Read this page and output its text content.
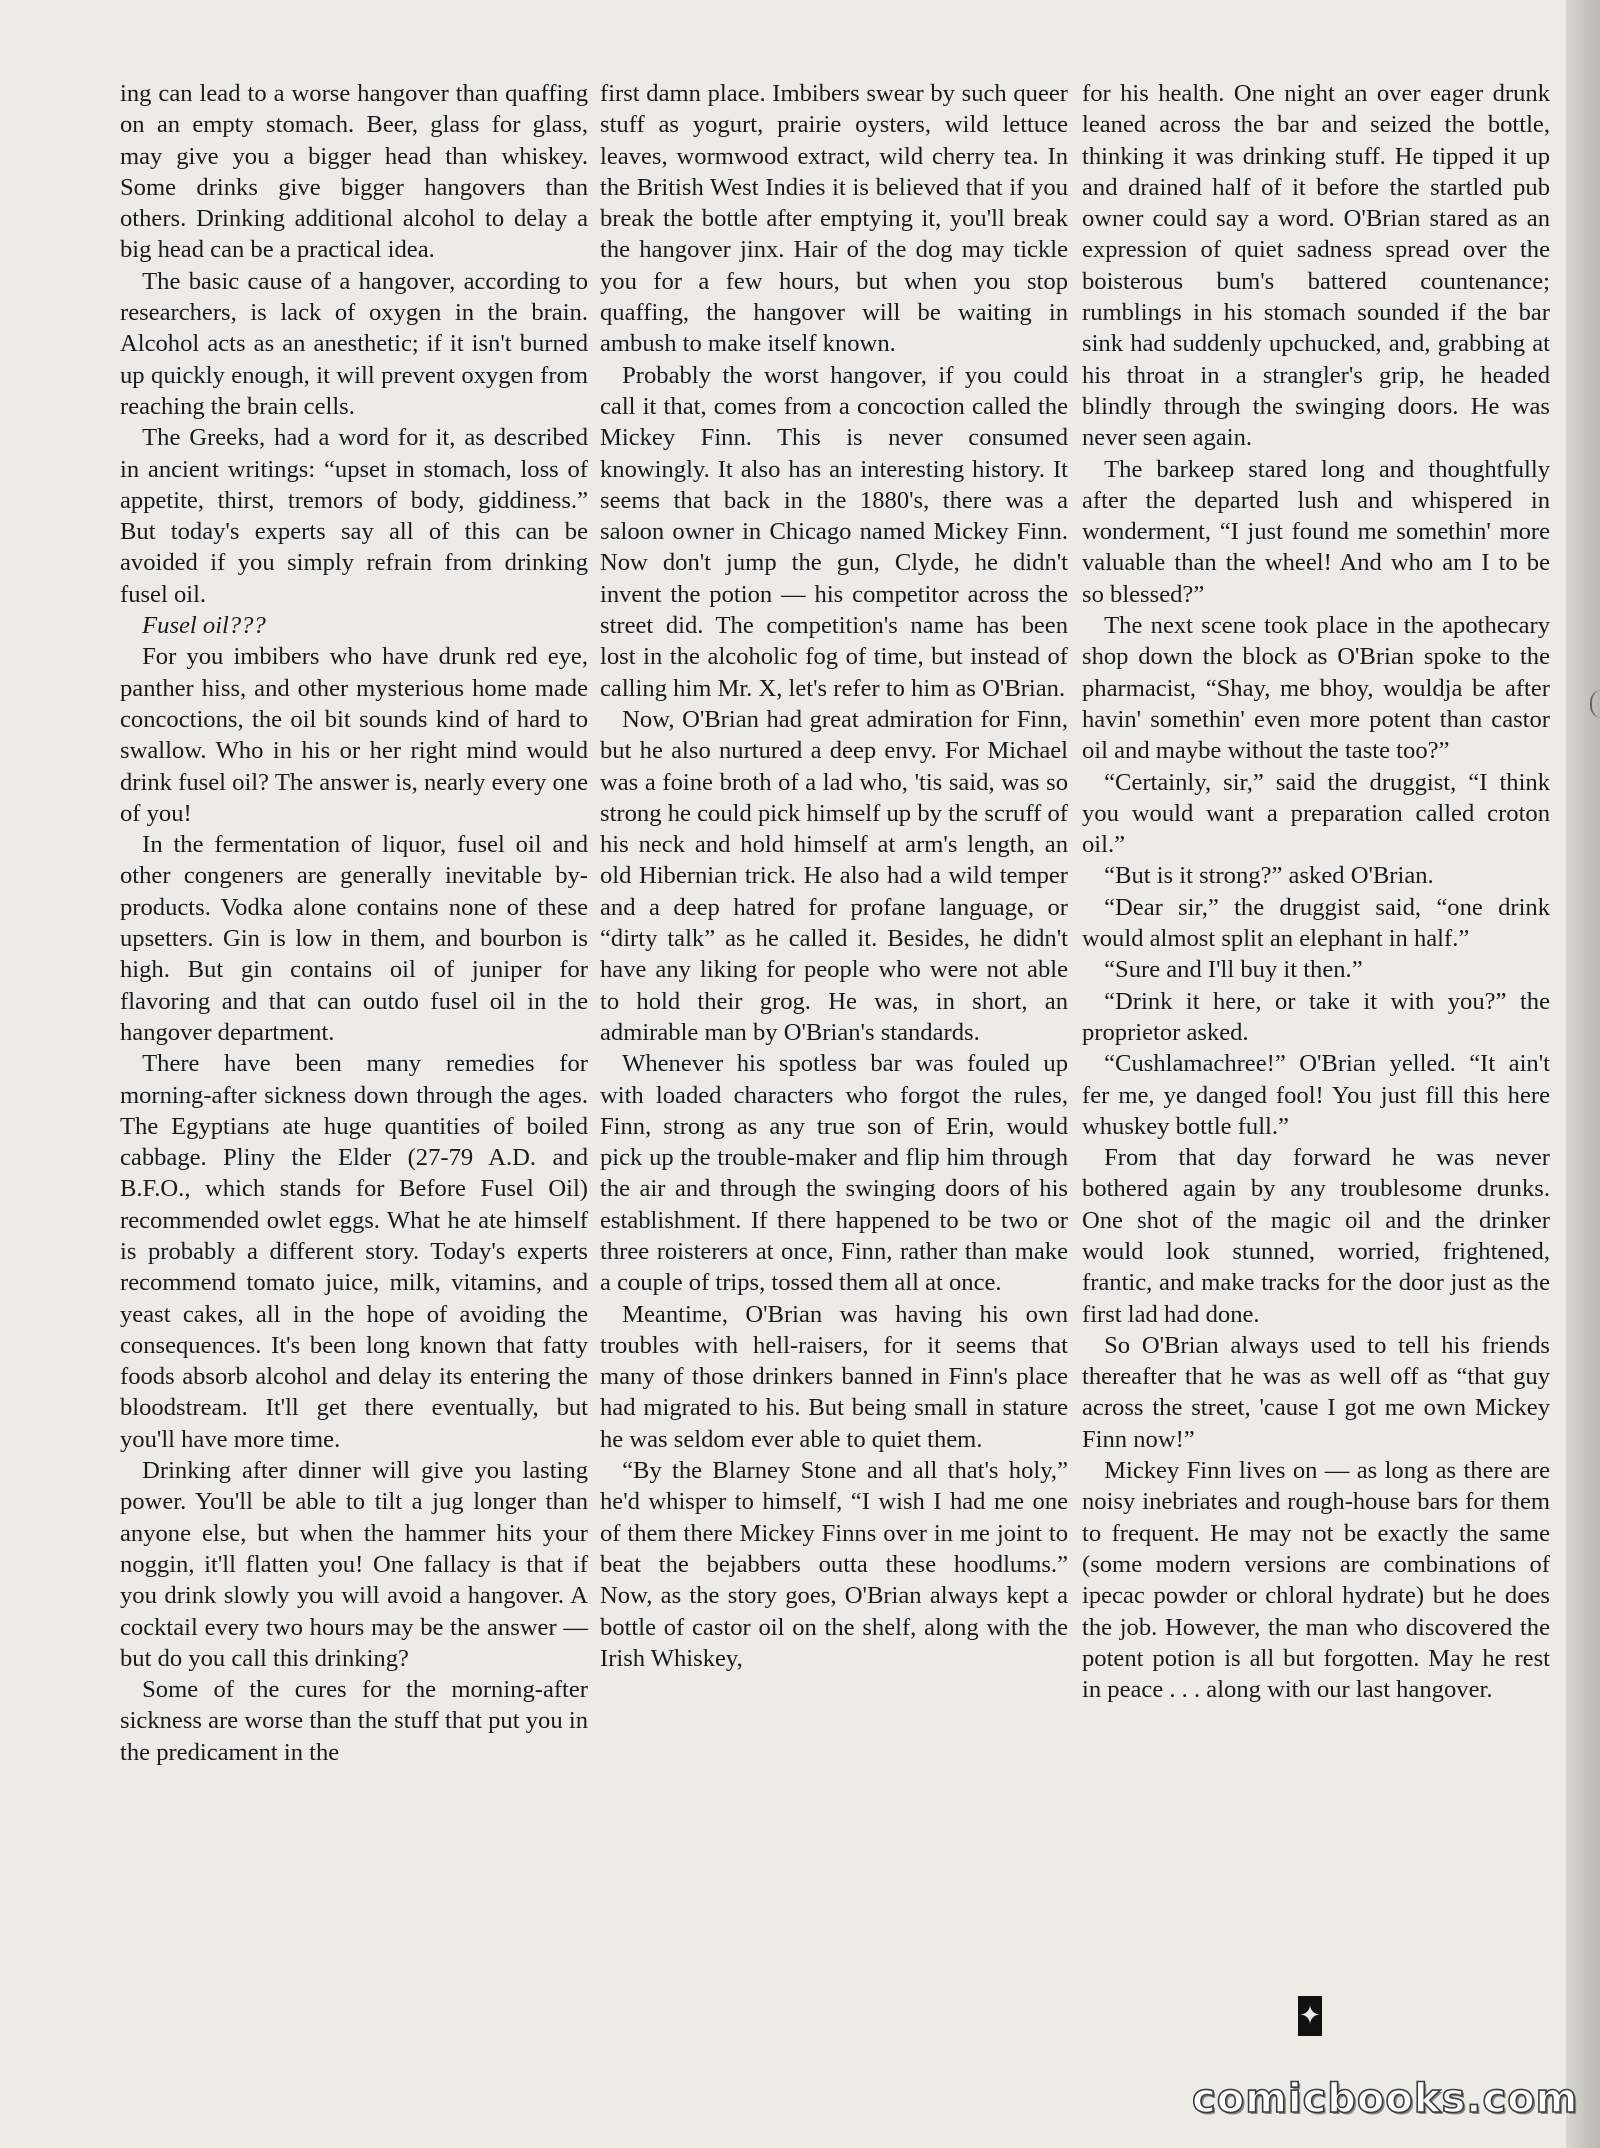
ing can lead to a worse hangover than quaffing on an empty stomach. Beer, glass for glass, may give you a bigger head than whiskey. Some drinks give bigger hangovers than others. Drinking additional alcohol to delay a big head can be a practical idea.

The basic cause of a hangover, according to researchers, is lack of oxygen in the brain. Alcohol acts as an anesthetic; if it isn't burned up quickly enough, it will prevent oxygen from reaching the brain cells.

The Greeks, had a word for it, as described in ancient writings: “upset in stomach, loss of appetite, thirst, tremors of body, giddiness.” But today's experts say all of this can be avoided if you simply refrain from drinking fusel oil.

Fusel oil???

For you imbibers who have drunk red eye, panther hiss, and other mysterious home made concoctions, the oil bit sounds kind of hard to swallow. Who in his or her right mind would drink fusel oil? The answer is, nearly every one of you!

In the fermentation of liquor, fusel oil and other congeners are generally inevitable by-products. Vodka alone contains none of these upsetters. Gin is low in them, and bourbon is high. But gin contains oil of juniper for flavoring and that can outdo fusel oil in the hangover department.

There have been many remedies for morning-after sickness down through the ages. The Egyptians ate huge quantities of boiled cabbage. Pliny the Elder (27-79 A.D. and B.F.O., which stands for Before Fusel Oil) recommended owlet eggs. What he ate himself is probably a different story. Today's experts recommend tomato juice, milk, vitamins, and yeast cakes, all in the hope of avoiding the consequences. It's been long known that fatty foods absorb alcohol and delay its entering the bloodstream. It'll get there eventually, but you'll have more time.

Drinking after dinner will give you lasting power. You'll be able to tilt a jug longer than anyone else, but when the hammer hits your noggin, it'll flatten you! One fallacy is that if you drink slowly you will avoid a hangover. A cocktail every two hours may be the answer — but do you call this drinking?

Some of the cures for the morning-after sickness are worse than the stuff that put you in the predicament in the

first damn place. Imbibers swear by such queer stuff as yogurt, prairie oysters, wild lettuce leaves, wormwood extract, wild cherry tea. In the British West Indies it is believed that if you break the bottle after emptying it, you'll break the hangover jinx. Hair of the dog may tickle you for a few hours, but when you stop quaffing, the hangover will be waiting in ambush to make itself known.

Probably the worst hangover, if you could call it that, comes from a concoction called the Mickey Finn. This is never consumed knowingly. It also has an interesting history. It seems that back in the 1880's, there was a saloon owner in Chicago named Mickey Finn. Now don't jump the gun, Clyde, he didn't invent the potion — his competitor across the street did. The competition's name has been lost in the alcoholic fog of time, but instead of calling him Mr. X, let's refer to him as O'Brian.

Now, O'Brian had great admiration for Finn, but he also nurtured a deep envy. For Michael was a foine broth of a lad who, 'tis said, was so strong he could pick himself up by the scruff of his neck and hold himself at arm's length, an old Hibernian trick. He also had a wild temper and a deep hatred for profane language, or “dirty talk” as he called it. Besides, he didn't have any liking for people who were not able to hold their grog. He was, in short, an admirable man by O'Brian's standards.

Whenever his spotless bar was fouled up with loaded characters who forgot the rules, Finn, strong as any true son of Erin, would pick up the trouble-maker and flip him through the air and through the swinging doors of his establishment. If there happened to be two or three roisterers at once, Finn, rather than make a couple of trips, tossed them all at once.

Meantime, O'Brian was having his own troubles with hell-raisers, for it seems that many of those drinkers banned in Finn's place had migrated to his. But being small in stature he was seldom ever able to quiet them.

“By the Blarney Stone and all that's holy,” he'd whisper to himself, “I wish I had me one of them there Mickey Finns over in me joint to beat the bejabbers outta these hoodlums.” Now, as the story goes, O'Brian always kept a bottle of castor oil on the shelf, along with the Irish Whiskey,

for his health. One night an over eager drunk leaned across the bar and seized the bottle, thinking it was drinking stuff. He tipped it up and drained half of it before the startled pub owner could say a word. O'Brian stared as an expression of quiet sadness spread over the boisterous bum's battered countenance; rumblings in his stomach sounded if the bar sink had suddenly upchucked, and, grabbing at his throat in a strangler's grip, he headed blindly through the swinging doors. He was never seen again.

The barkeep stared long and thoughtfully after the departed lush and whispered in wonderment, “I just found me somethin' more valuable than the wheel! And who am I to be so blessed?”

The next scene took place in the apothecary shop down the block as O'Brian spoke to the pharmacist, “Shay, me bhoy, wouldja be after havin' somethin' even more potent than castor oil and maybe without the taste too?”

“Certainly, sir,” said the druggist, “I think you would want a preparation called croton oil.”

“But is it strong?” asked O'Brian.

“Dear sir,” the druggist said, “one drink would almost split an elephant in half.”

“Sure and I'll buy it then.”

“Drink it here, or take it with you?” the proprietor asked.

“Cushlamachree!” O'Brian yelled. “It ain't fer me, ye danged fool! You just fill this here whuskey bottle full.”

From that day forward he was never bothered again by any troublesome drunks. One shot of the magic oil and the drinker would look stunned, worried, frightened, frantic, and make tracks for the door just as the first lad had done.

So O'Brian always used to tell his friends thereafter that he was as well off as “that guy across the street, 'cause I got me own Mickey Finn now!”

Mickey Finn lives on — as long as there are noisy inebriates and rough-house bars for them to frequent. He may not be exactly the same (some modern versions are combinations of ipecac powder or chloral hydrate) but he does the job. However, the man who discovered the potent potion is all but forgotten. May he rest in peace . . . along with our last hangover.

✦
comicbooks.com
